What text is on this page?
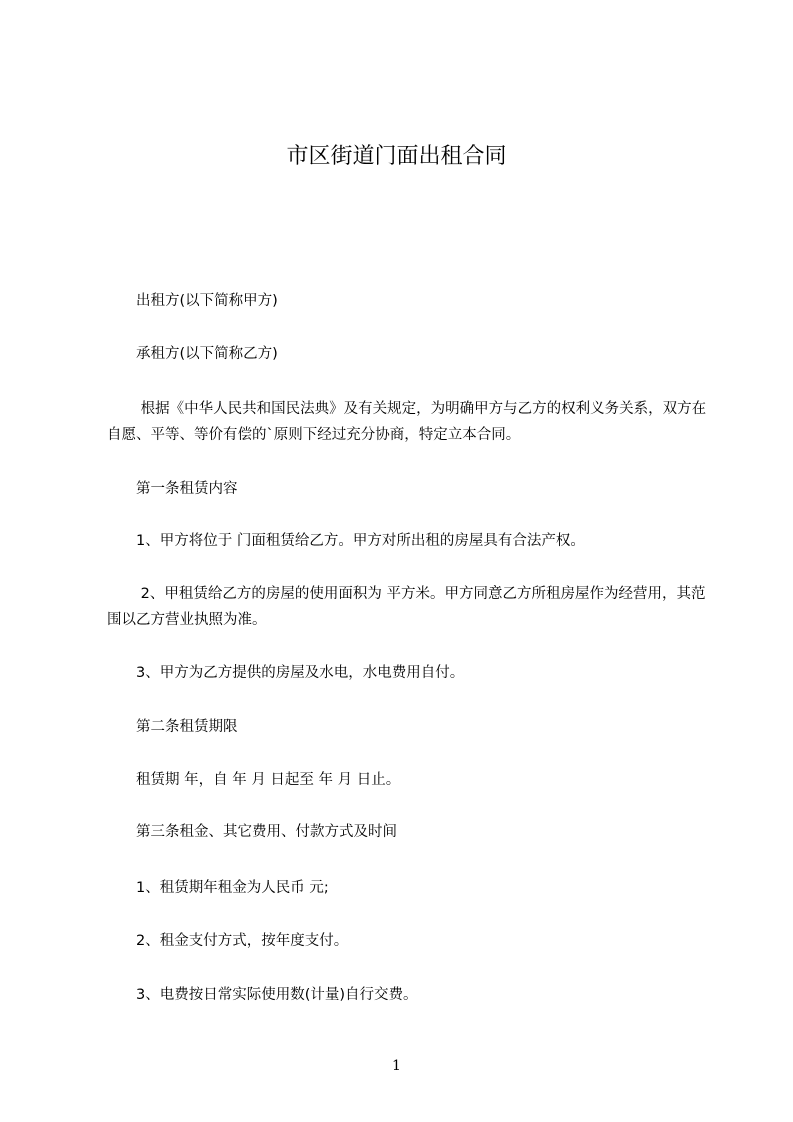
市区街道门面出租合同

出租方(以下简称甲方)

承租方(以下简称乙方)

根据《中华人民共和国民法典》及有关规定，为明确甲方与乙方的权利义务关系，双方在自愿、平等、等价有偿的`原则下经过充分协商，特定立本合同。

第一条租赁内容

1、甲方将位于 门面租赁给乙方。甲方对所出租的房屋具有合法产权。

2、甲租赁给乙方的房屋的使用面积为 平方米。甲方同意乙方所租房屋作为经营用，其范围以乙方营业执照为准。

3、甲方为乙方提供的房屋及水电，水电费用自付。

第二条租赁期限

租赁期 年，自 年 月 日起至 年 月 日止。

第三条租金、其它费用、付款方式及时间

1、租赁期年租金为人民币 元;

2、租金支付方式，按年度支付。

3、电费按日常实际使用数(计量)自行交费。

1
